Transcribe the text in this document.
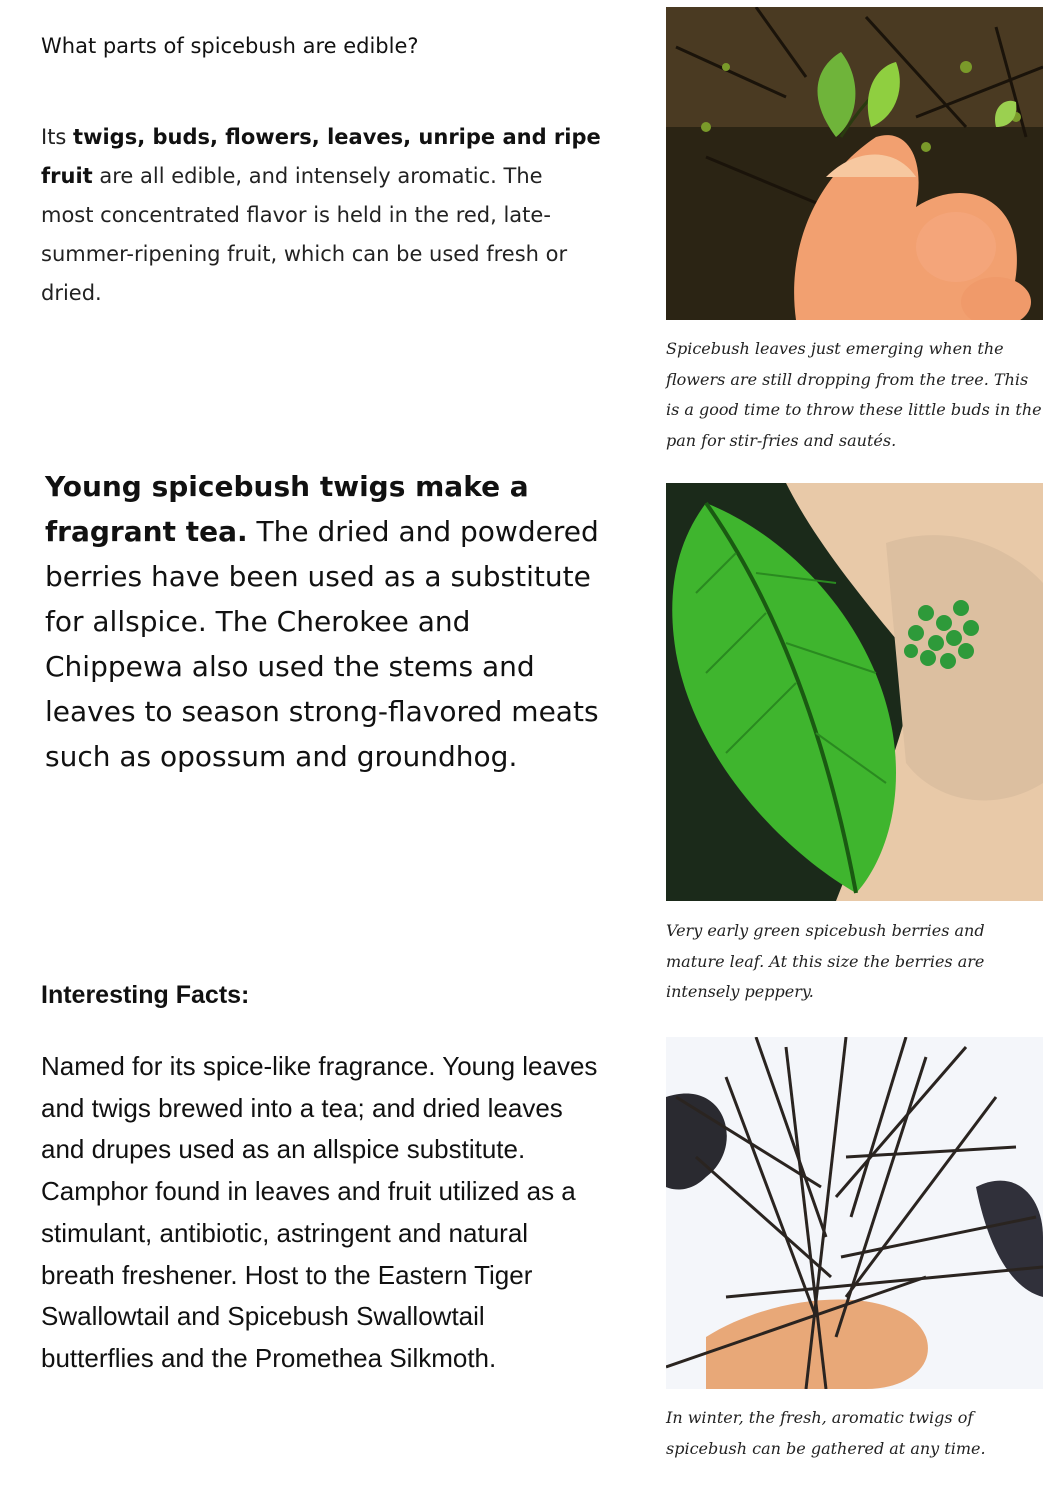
What parts of spicebush are edible?
Its twigs, buds, flowers, leaves, unripe and ripe fruit are all edible, and intensely aromatic. The most concentrated flavor is held in the red, late-summer-ripening fruit, which can be used fresh or dried.
Young spicebush twigs make a fragrant tea. The dried and powdered berries have been used as a substitute for allspice. The Cherokee and Chippewa also used the stems and leaves to season strong-flavored meats such as opossum and groundhog.
Interesting Facts:
Named for its spice-like fragrance. Young leaves and twigs brewed into a tea; and dried leaves and drupes used as an allspice substitute. Camphor found in leaves and fruit utilized as a stimulant, antibiotic, astringent and natural breath freshener. Host to the Eastern Tiger Swallowtail and Spicebush Swallowtail butterflies and the Promethea Silkmoth.
Spicebush leaves just emerging when the flowers are still dropping from the tree. This is a good time to throw these little buds in the pan for stir-fries and sautés.
Very early green spicebush berries and mature leaf. At this size the berries are intensely peppery.
In winter, the fresh, aromatic twigs of spicebush can be gathered at any time.
